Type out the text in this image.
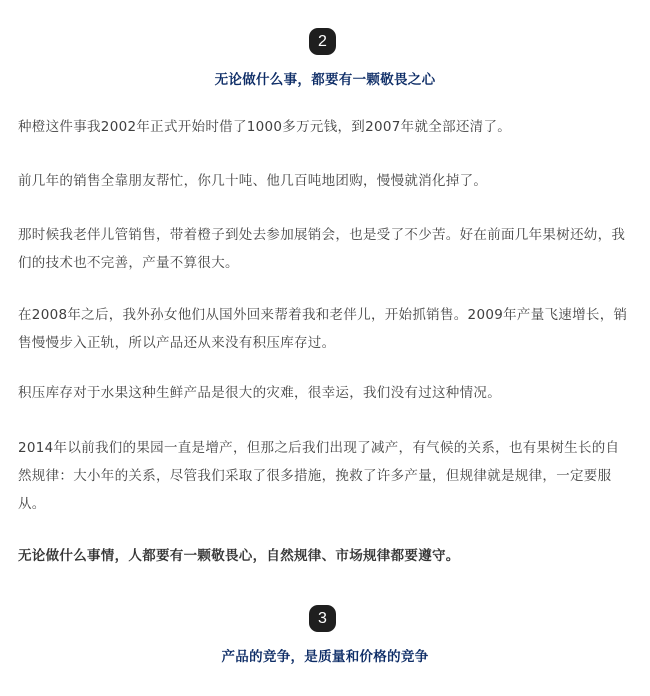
2
无论做什么事，都要有一颗敬畏之心

种橙这件事我2002年正式开始时借了1000多万元钱，到2007年就全部还清了。

前几年的销售全靠朋友帮忙，你几十吨、他几百吨地团购，慢慢就消化掉了。

那时候我老伴儿管销售，带着橙子到处去参加展销会，也是受了不少苦。好在前面几年果树还幼，我们的技术也不完善，产量不算很大。

在2008年之后，我外孙女他们从国外回来帮着我和老伴儿，开始抓销售。2009年产量飞速增长，销售慢慢步入正轨，所以产品还从来没有积压库存过。

积压库存对于水果这种生鲜产品是很大的灾难，很幸运，我们没有过这种情况。

2014年以前我们的果园一直是增产，但那之后我们出现了减产，有气候的关系，也有果树生长的自然规律：大小年的关系，尽管我们采取了很多措施，挽救了许多产量，但规律就是规律，一定要服从。

无论做什么事情，人都要有一颗敬畏心，自然规律、市场规律都要遵守。

3
产品的竞争，是质量和价格的竞争
